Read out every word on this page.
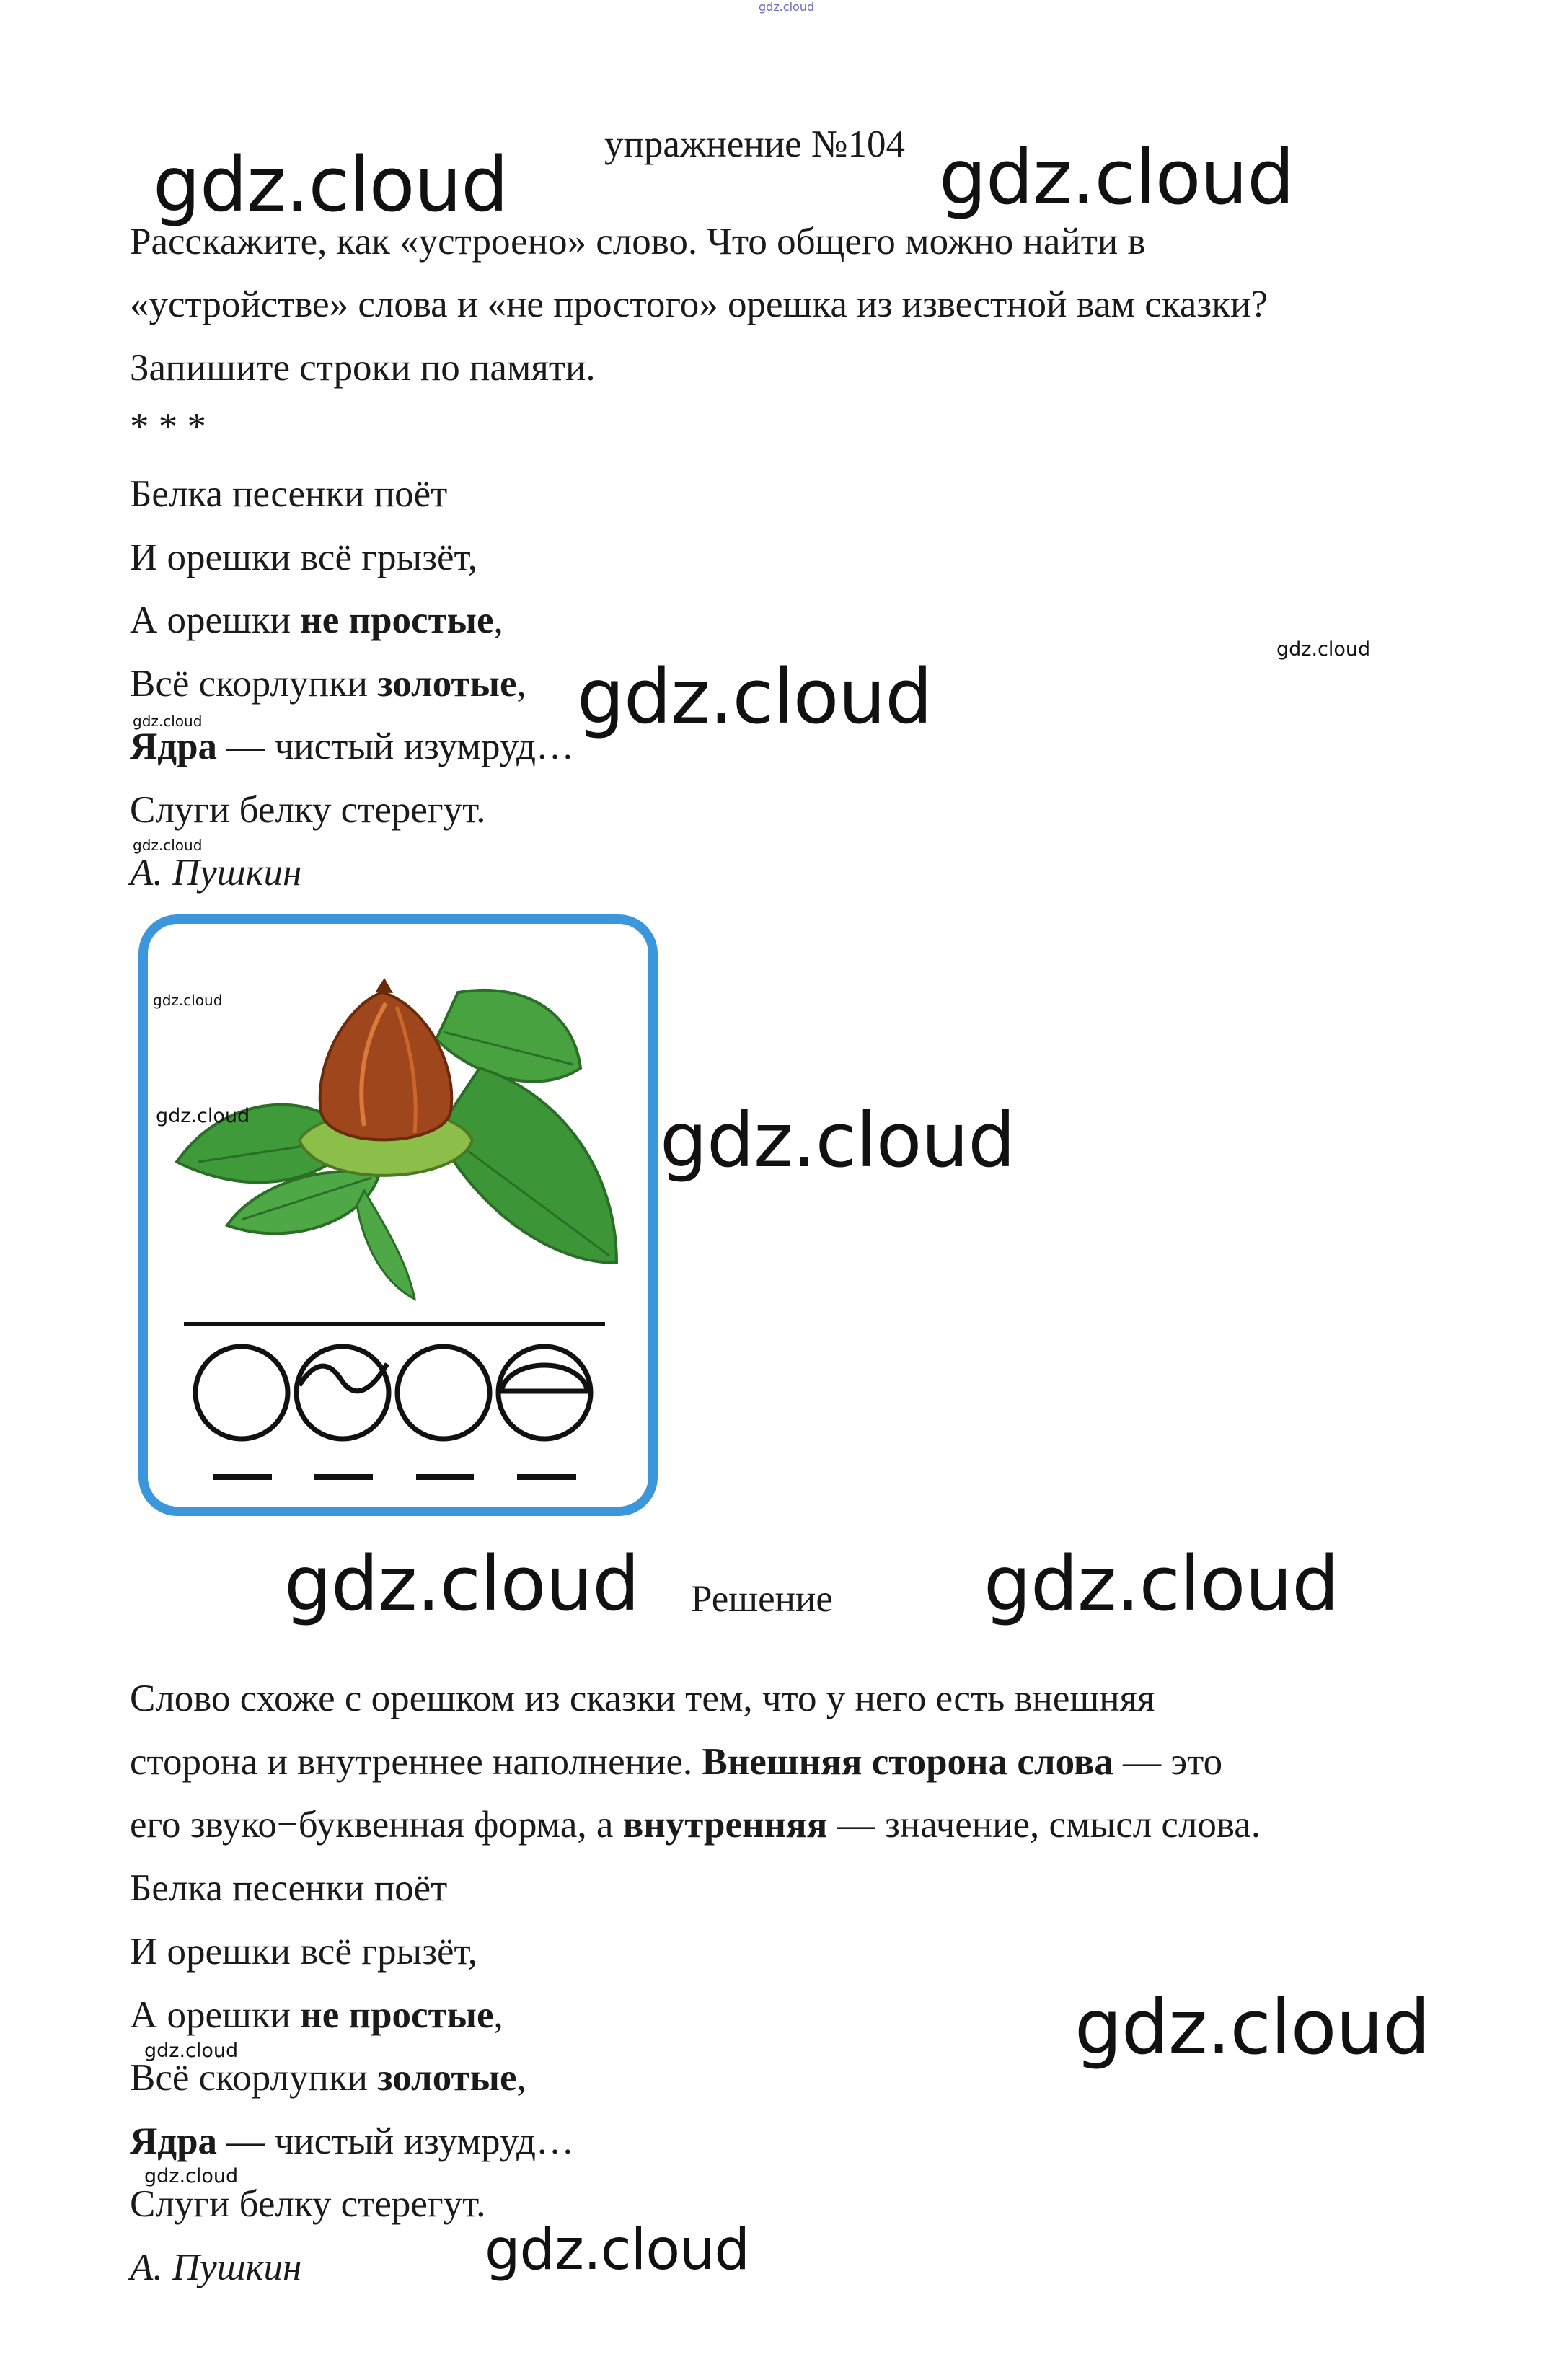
gdz.cloud
упражнение №104
Расскажите, как «устроено» слово. Что общего можно найти в
«устройстве» слова и «не простого» орешка из известной вам сказки?
Запишите строки по памяти.
* * *
Белка песенки поёт
И орешки всё грызёт,
А орешки не простые,
Всё скорлупки золотые,
Ядра — чистый изумруд…
Слуги белку стерегут.
А. Пушкин
Решение
Слово схоже с орешком из сказки тем, что у него есть внешняя
сторона и внутреннее наполнение. Внешняя сторона слова — это
его звуко−буквенная форма, а внутренняя — значение, смысл слова.
Белка песенки поёт
И орешки всё грызёт,
А орешки не простые,
Всё скорлупки золотые,
Ядра — чистый изумруд…
Слуги белку стерегут.
А. Пушкин
gdz.cloud	gdz.cloud
gdz.cloud
gdz.cloud
gdz.cloud
gdz.cloud
gdz.cloud
gdz.cloud	gdz.cloud
gdz.cloud	gdz.cloud
gdz.cloud
gdz.cloud
gdz.cloud
gdz.cloud
